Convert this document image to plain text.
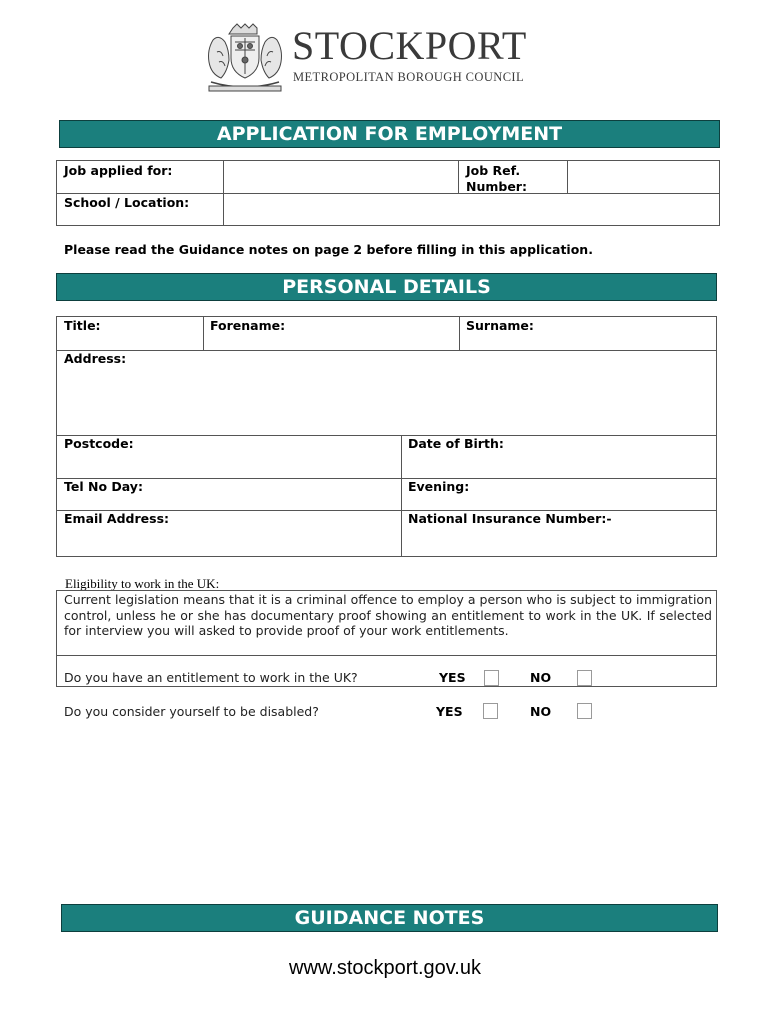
STOCKPORT
METROPOLITAN BOROUGH COUNCIL
APPLICATION FOR EMPLOYMENT
Job applied for:	Job Ref. Number:
School / Location:
Please read the Guidance notes on page 2 before filling in this application.
PERSONAL DETAILS
Title:	Forename:	Surname:
Address:
Postcode:	Date of Birth:
Tel No Day:	Evening:
Email Address:	National Insurance Number:-
Eligibility to work in the UK:
Current legislation means that it is a criminal offence to employ a person who is subject to immigration control, unless he or she has documentary proof showing an entitlement to work in the UK. If selected for interview you will asked to provide proof of your work entitlements.
Do you have an entitlement to work in the UK?	YES	NO
Do you consider yourself to be disabled?	YES	NO
GUIDANCE NOTES
www.stockport.gov.uk
